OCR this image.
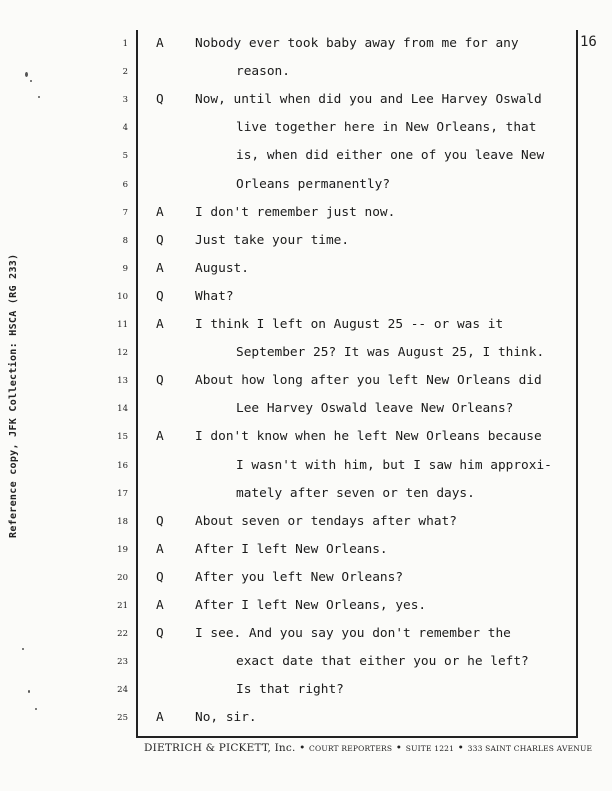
Reference copy, JFK Collection: HSCA (RG 233)
16
1 A Nobody ever took baby away from me for any
2	reason.
3 Q Now, until when did you and Lee Harvey Oswald
4	live together here in New Orleans, that
5	is, when did either one of you leave New
6	Orleans permanently?
7 A I don't remember just now.
8 Q Just take your time.
9 A August.
10 Q What?
11 A I think I left on August 25 -- or was it
12	September 25? It was August 25, I think.
13 Q About how long after you left New Orleans did
14	Lee Harvey Oswald leave New Orleans?
15 A I don't know when he left New Orleans because
16	I wasn't with him, but I saw him approxi-
17	mately after seven or ten days.
18 Q About seven or tendays after what?
19 A After I left New Orleans.
20 Q After you left New Orleans?
21 A After I left New Orleans, yes.
22 Q I see. And you say you don't remember the
23	exact date that either you or he left?
24	Is that right?
25 A No, sir.
DIETRICH & PICKETT, Inc. • COURT REPORTERS • SUITE 1221 • 333 SAINT CHARLES AVENUE
